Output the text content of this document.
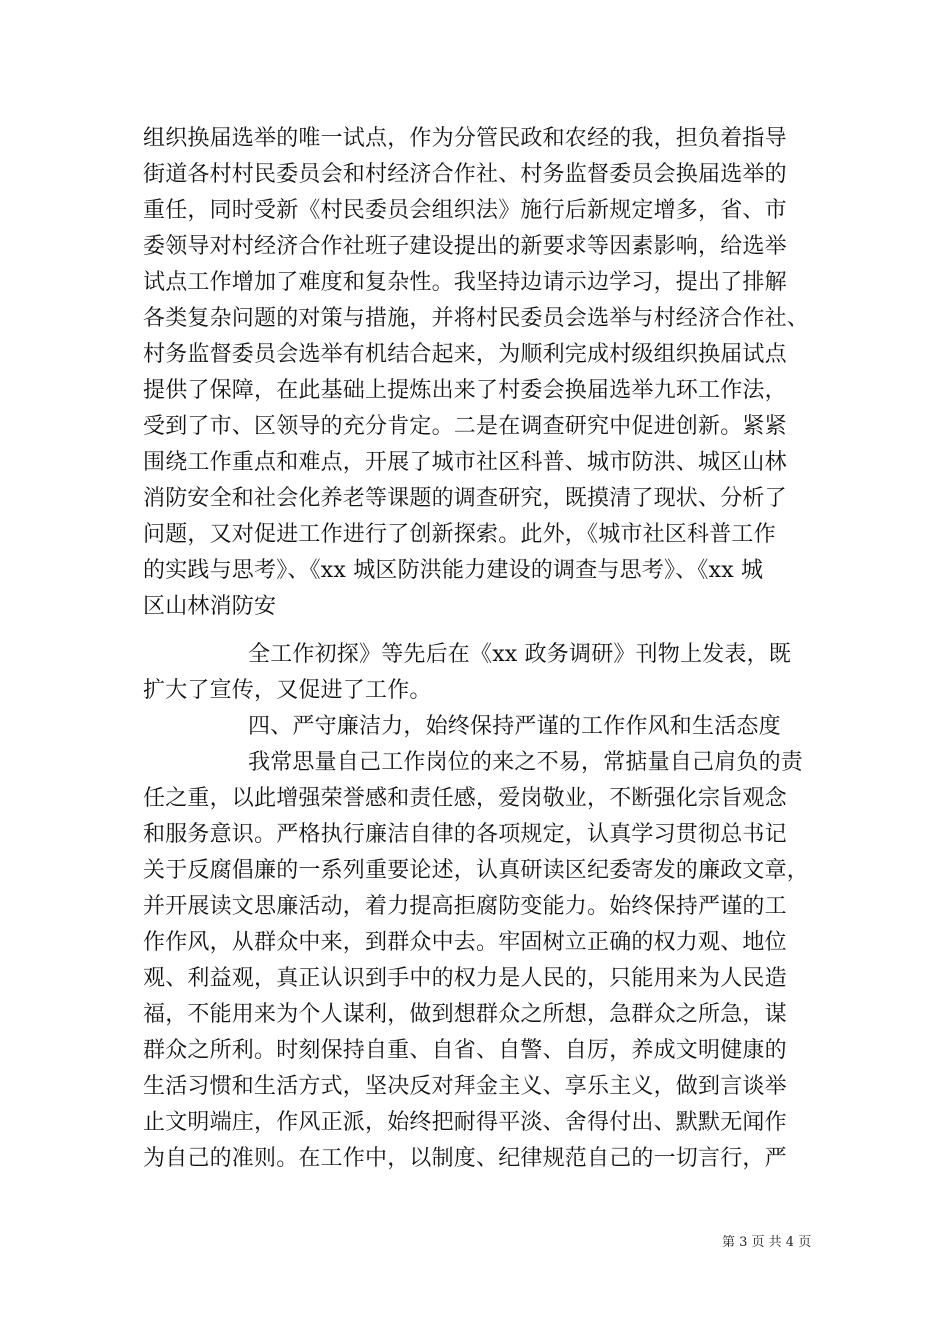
组织换届选举的唯一试点，作为分管民政和农经的我，担负着指导
街道各村村民委员会和村经济合作社、村务监督委员会换届选举的
重任，同时受新《村民委员会组织法》施行后新规定增多，省、市
委领导对村经济合作社班子建设提出的新要求等因素影响，给选举
试点工作增加了难度和复杂性。我坚持边请示边学习，提出了排解
各类复杂问题的对策与措施，并将村民委员会选举与村经济合作社、
村务监督委员会选举有机结合起来，为顺利完成村级组织换届试点
提供了保障，在此基础上提炼出来了村委会换届选举九环工作法，
受到了市、区领导的充分肯定。二是在调查研究中促进创新。紧紧
围绕工作重点和难点，开展了城市社区科普、城市防洪、城区山林
消防安全和社会化养老等课题的调查研究，既摸清了现状、分析了
问题，又对促进工作进行了创新探索。此外，《城市社区科普工作
的实践与思考》、《xx 城区防洪能力建设的调查与思考》、《xx 城
区山林消防安
全工作初探》等先后在《xx 政务调研》刊物上发表，既
扩大了宣传，又促进了工作。
四、严守廉洁力，始终保持严谨的工作作风和生活态度
我常思量自己工作岗位的来之不易，常掂量自己肩负的责
任之重，以此增强荣誉感和责任感，爱岗敬业，不断强化宗旨观念
和服务意识。严格执行廉洁自律的各项规定，认真学习贯彻总书记
关于反腐倡廉的一系列重要论述，认真研读区纪委寄发的廉政文章，
并开展读文思廉活动，着力提高拒腐防变能力。始终保持严谨的工
作作风，从群众中来，到群众中去。牢固树立正确的权力观、地位
观、利益观，真正认识到手中的权力是人民的，只能用来为人民造
福，不能用来为个人谋利，做到想群众之所想，急群众之所急，谋
群众之所利。时刻保持自重、自省、自警、自厉，养成文明健康的
生活习惯和生活方式，坚决反对拜金主义、享乐主义，做到言谈举
止文明端庄，作风正派，始终把耐得平淡、舍得付出、默默无闻作
为自己的准则。在工作中，以制度、纪律规范自己的一切言行，严
第 3 页 共 4 页
